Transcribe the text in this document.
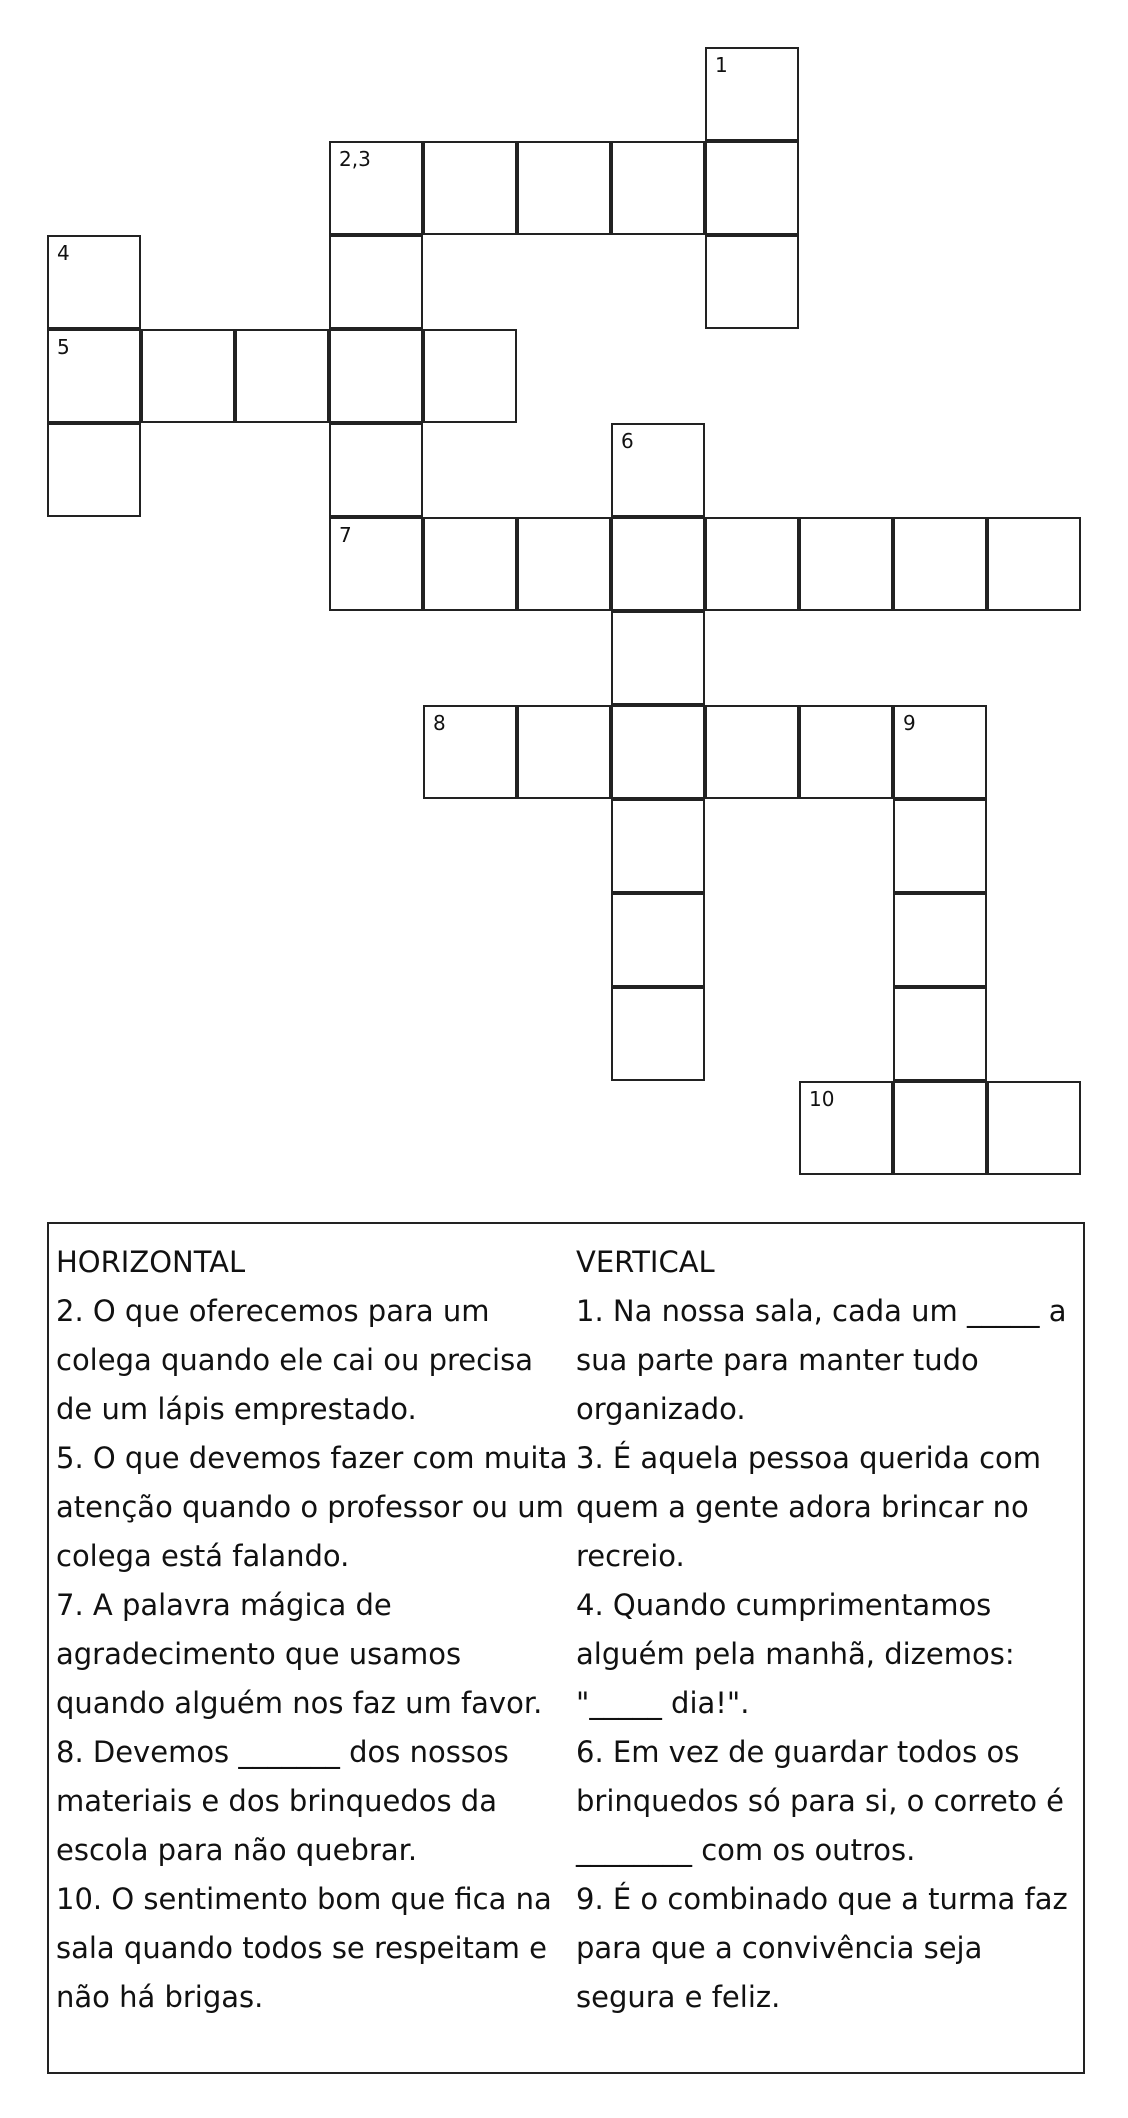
1
2,3
4
5
6
7
8	9
10
HORIZONTAL
2. O que oferecemos para um colega quando ele cai ou precisa de um lápis emprestado.
5. O que devemos fazer com muita atenção quando o professor ou um colega está falando.
7. A palavra mágica de agradecimento que usamos quando alguém nos faz um favor.
8. Devemos _______ dos nossos materiais e dos brinquedos da escola para não quebrar.
10. O sentimento bom que fica na sala quando todos se respeitam e não há brigas.
VERTICAL
1. Na nossa sala, cada um _____ a sua parte para manter tudo organizado.
3. É aquela pessoa querida com quem a gente adora brincar no recreio.
4. Quando cumprimentamos alguém pela manhã, dizemos: "_____ dia!".
6. Em vez de guardar todos os brinquedos só para si, o correto é ________ com os outros.
9. É o combinado que a turma faz para que a convivência seja segura e feliz.
